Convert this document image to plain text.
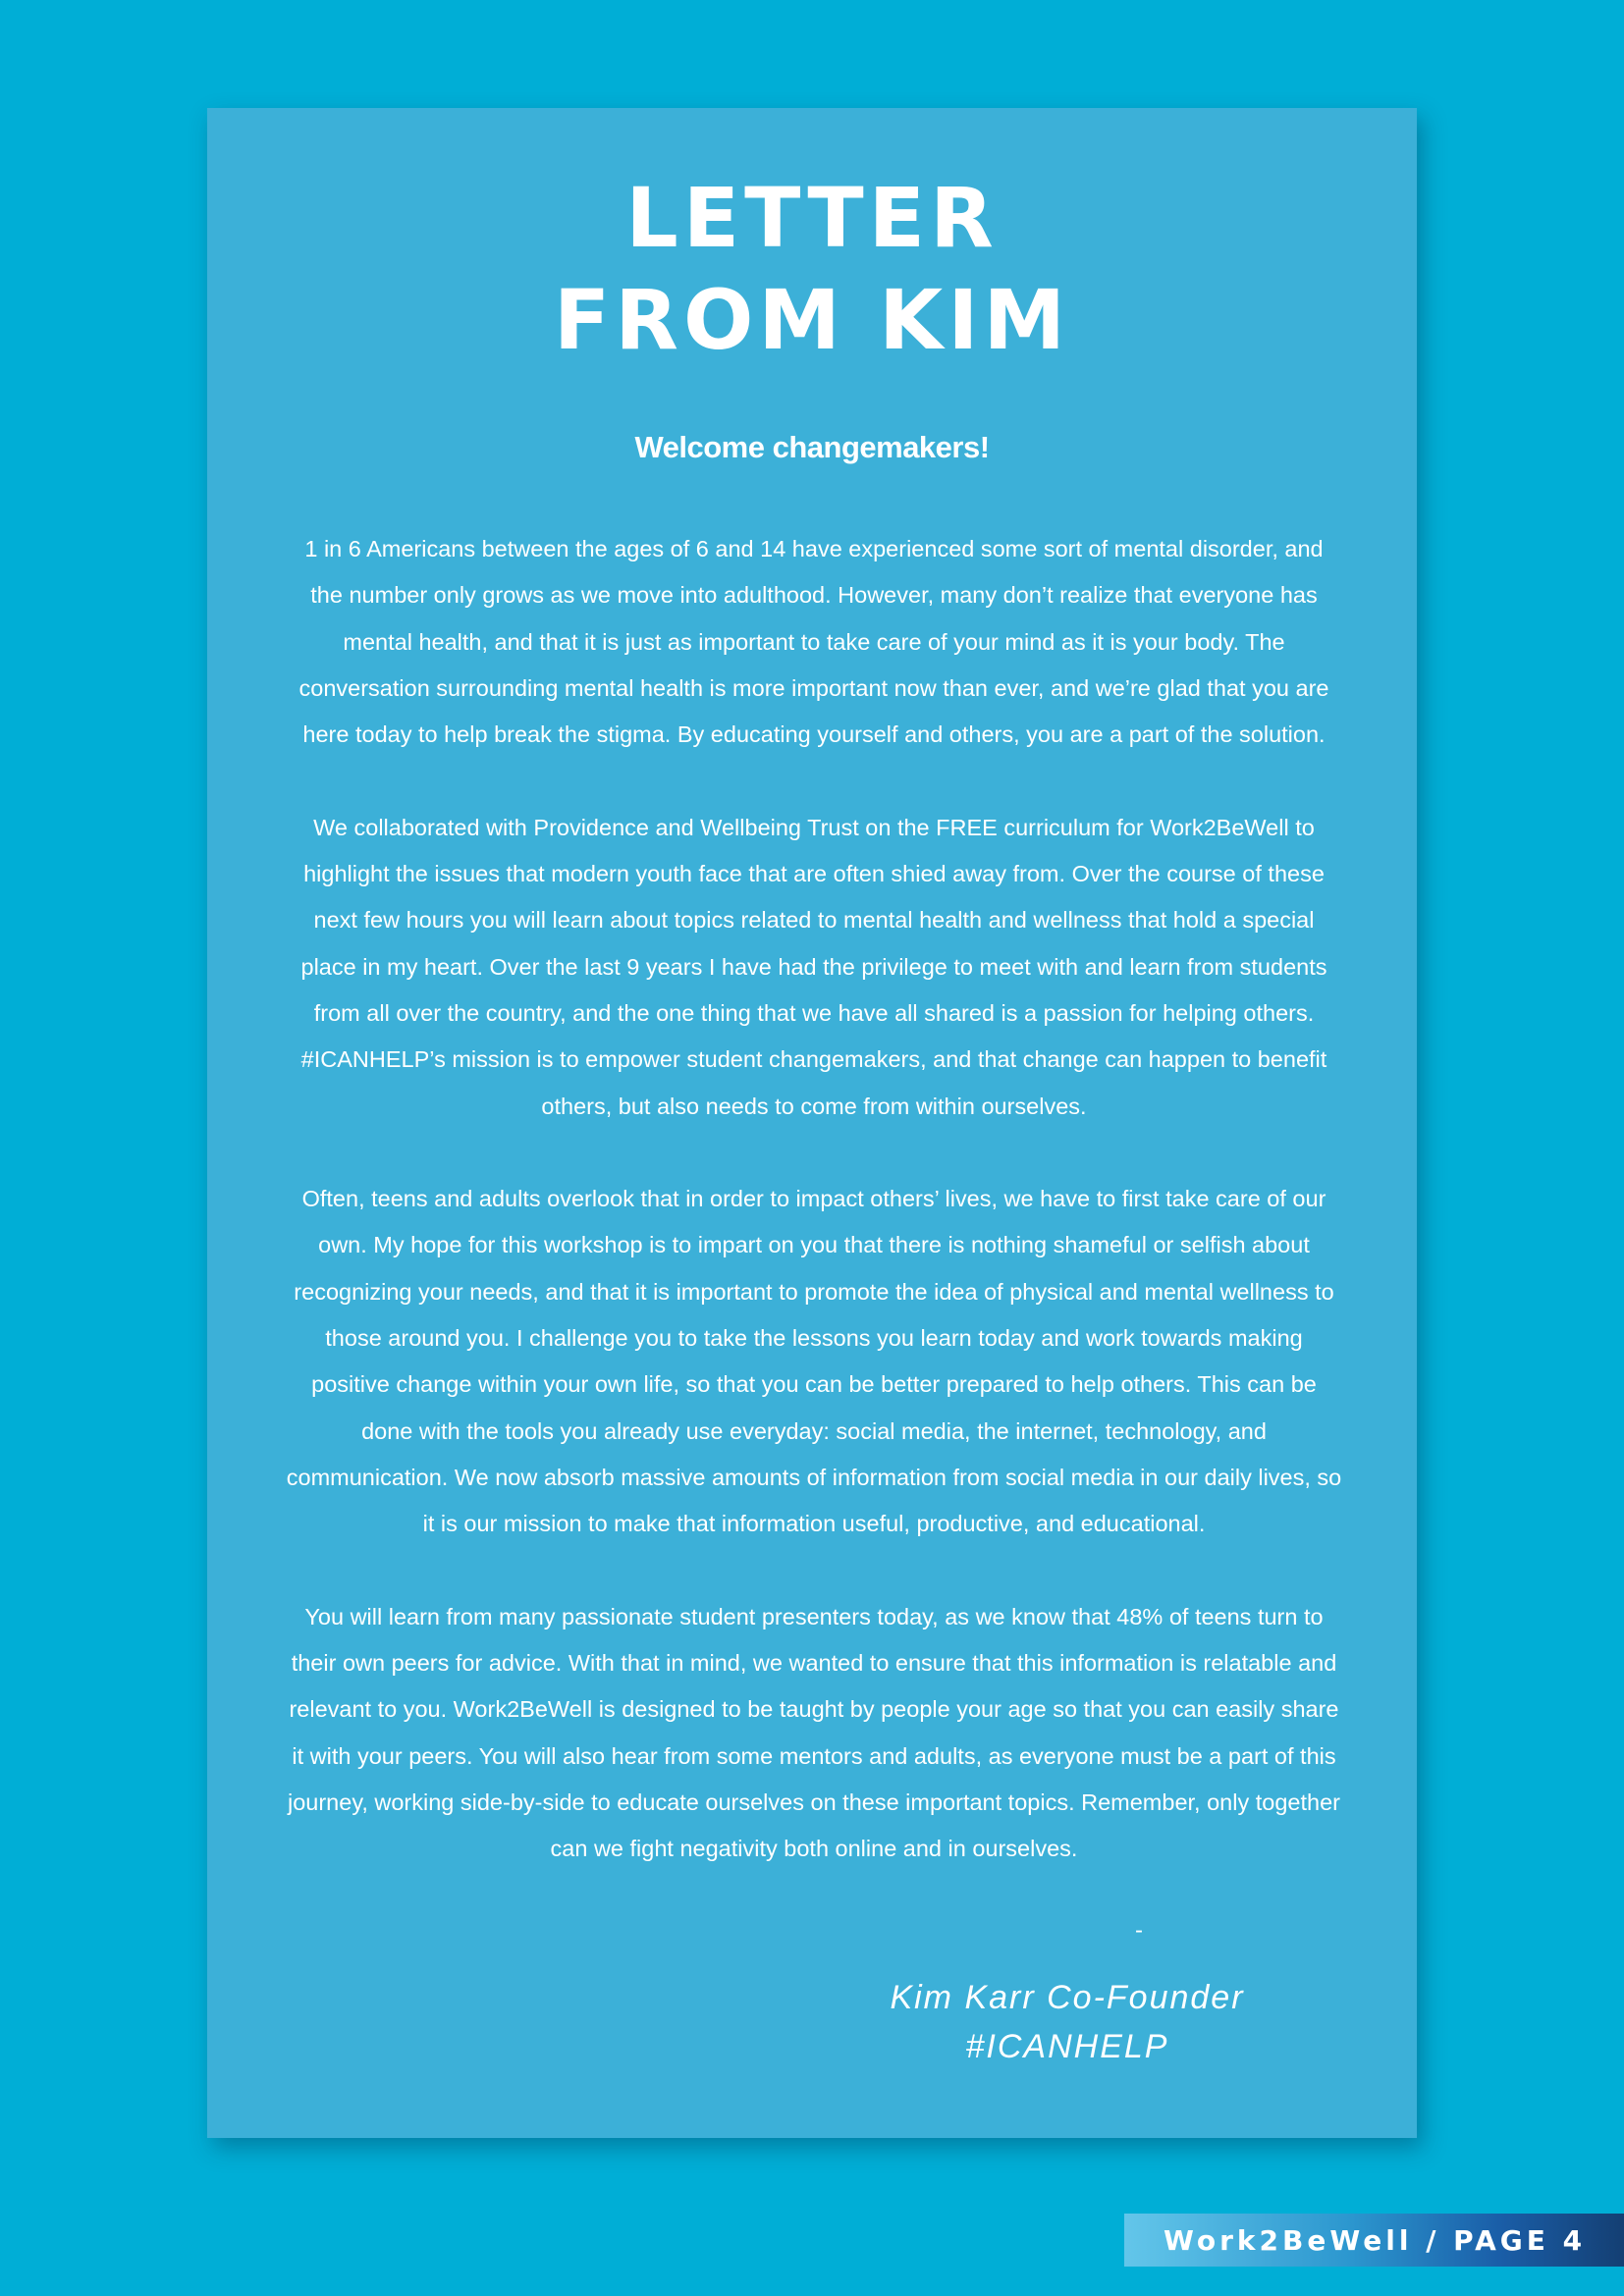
LETTER
FROM KIM
Welcome changemakers!

1 in 6 Americans between the ages of 6 and 14 have experienced some sort of mental disorder, and the number only grows as we move into adulthood. However, many don’t realize that everyone has mental health, and that it is just as important to take care of your mind as it is your body. The conversation surrounding mental health is more important now than ever, and we’re glad that you are here today to help break the stigma. By educating yourself and others, you are a part of the solution.

We collaborated with Providence and Wellbeing Trust on the FREE curriculum for Work2BeWell to highlight the issues that modern youth face that are often shied away from. Over the course of these next few hours you will learn about topics related to mental health and wellness that hold a special place in my heart. Over the last 9 years I have had the privilege to meet with and learn from students from all over the country, and the one thing that we have all shared is a passion for helping others. #ICANHELP’s mission is to empower student changemakers, and that change can happen to benefit others, but also needs to come from within ourselves.

Often, teens and adults overlook that in order to impact others’ lives, we have to first take care of our own. My hope for this workshop is to impart on you that there is nothing shameful or selfish about recognizing your needs, and that it is important to promote the idea of physical and mental wellness to those around you. I challenge you to take the lessons you learn today and work towards making positive change within your own life, so that you can be better prepared to help others. This can be done with the tools you already use everyday: social media, the internet, technology, and communication. We now absorb massive amounts of information from social media in our daily lives, so it is our mission to make that information useful, productive, and educational.

You will learn from many passionate student presenters today, as we know that 48% of teens turn to their own peers for advice. With that in mind, we wanted to ensure that this information is relatable and relevant to you. Work2BeWell is designed to be taught by people your age so that you can easily share it with your peers. You will also hear from some mentors and adults, as everyone must be a part of this journey, working side-by-side to educate ourselves on these important topics. Remember, only together can we fight negativity both online and in ourselves.

-
Kim Karr Co-Founder
#ICANHELP
Work2BeWell / PAGE 4
